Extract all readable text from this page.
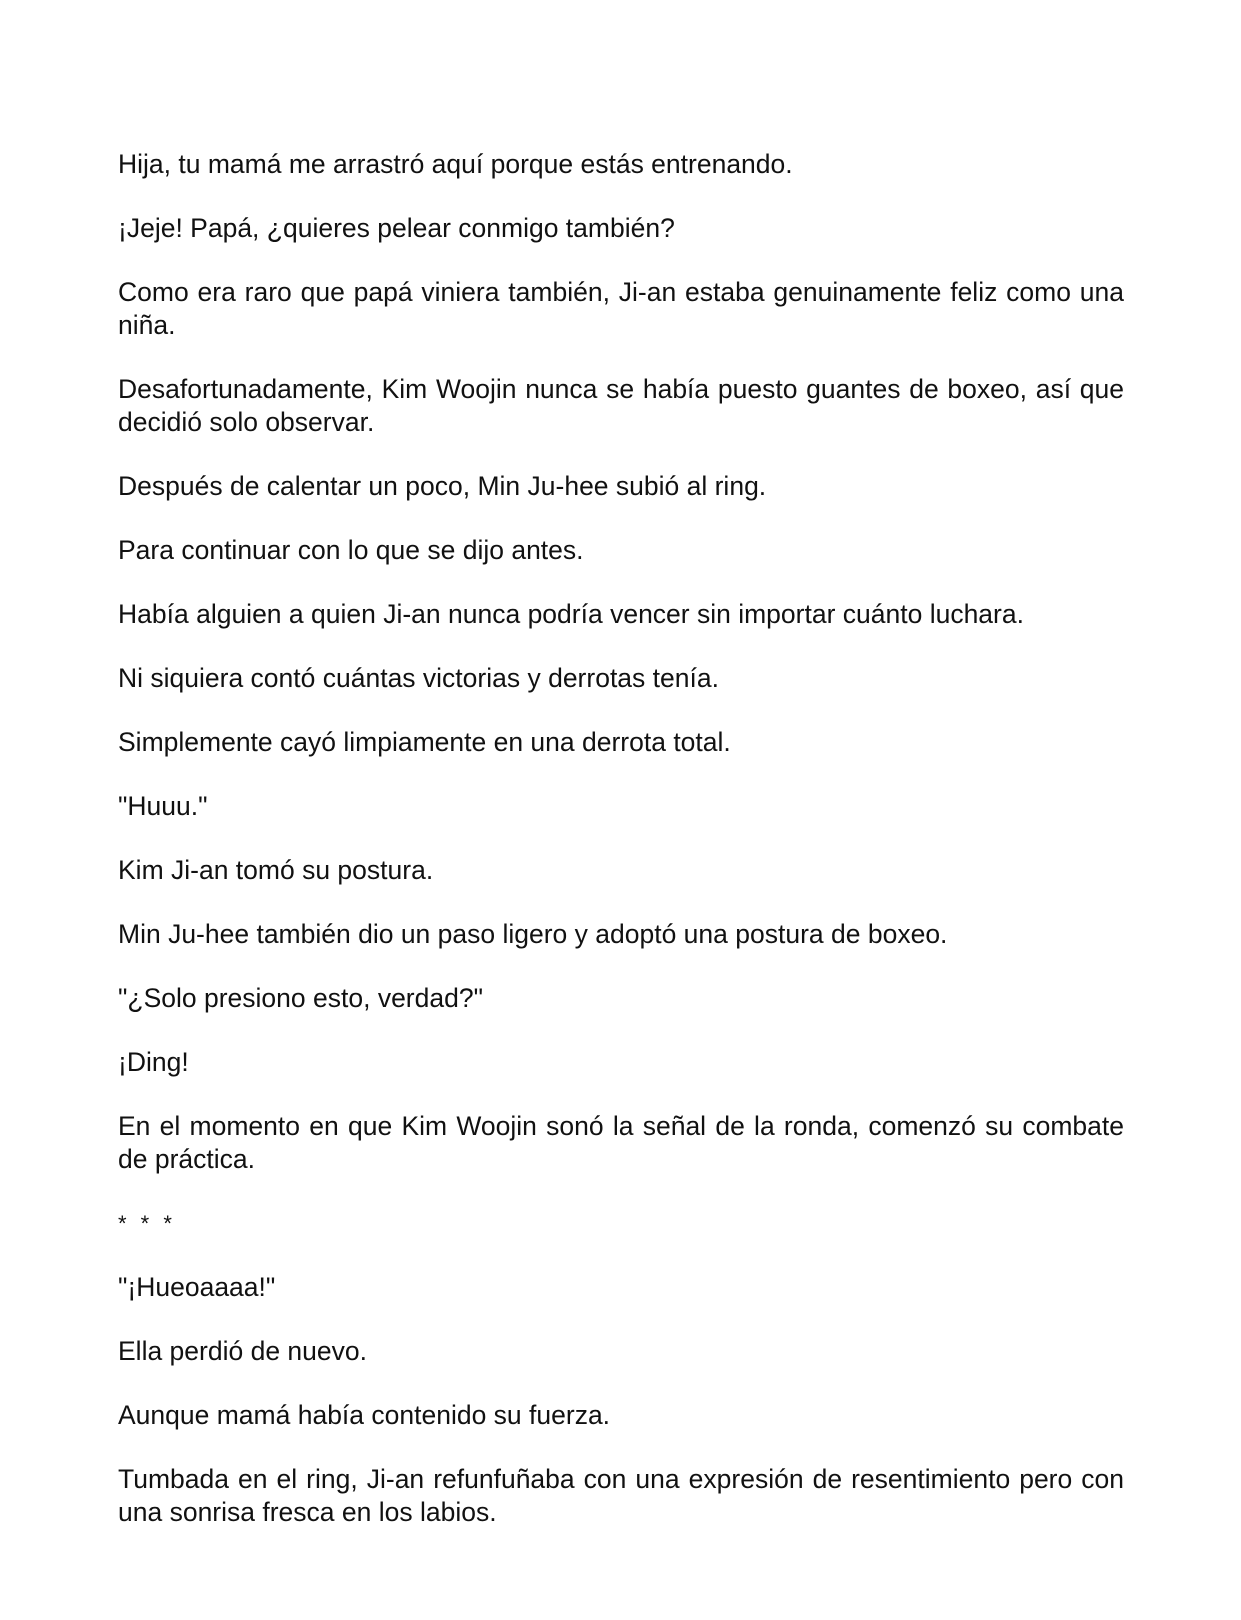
Hija, tu mamá me arrastró aquí porque estás entrenando.

¡Jeje! Papá, ¿quieres pelear conmigo también?

Como era raro que papá viniera también, Ji-an estaba genuinamente feliz como una niña.

Desafortunadamente, Kim Woojin nunca se había puesto guantes de boxeo, así que decidió solo observar.

Después de calentar un poco, Min Ju-hee subió al ring.

Para continuar con lo que se dijo antes.

Había alguien a quien Ji-an nunca podría vencer sin importar cuánto luchara.

Ni siquiera contó cuántas victorias y derrotas tenía.

Simplemente cayó limpiamente en una derrota total.

"Huuu."

Kim Ji-an tomó su postura.

Min Ju-hee también dio un paso ligero y adoptó una postura de boxeo.

"¿Solo presiono esto, verdad?"

¡Ding!

En el momento en que Kim Woojin sonó la señal de la ronda, comenzó su combate de práctica.

* * *

"¡Hueoaaaa!"

Ella perdió de nuevo.

Aunque mamá había contenido su fuerza.

Tumbada en el ring, Ji-an refunfuñaba con una expresión de resentimiento pero con una sonrisa fresca en los labios.
